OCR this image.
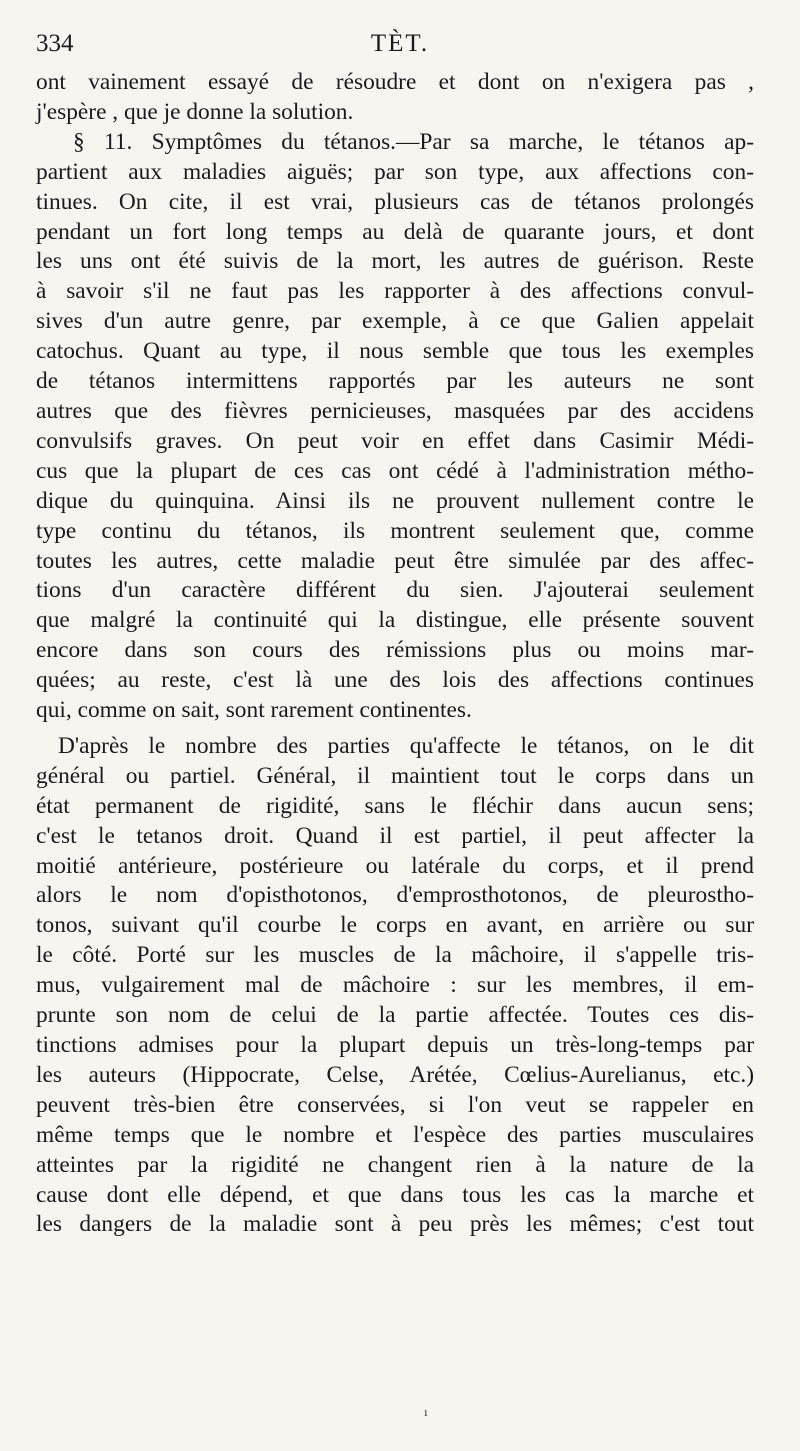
334	TÈT.
ont vainement essayé de résoudre et dont on n'exigera pas ,
j'espère , que je donne la solution.
§ 11. Symptômes du tétanos.—Par sa marche, le tétanos ap-
partient aux maladies aiguës; par son type, aux affections con-
tinues. On cite, il est vrai, plusieurs cas de tétanos prolongés
pendant un fort long temps au delà de quarante jours, et dont
les uns ont été suivis de la mort, les autres de guérison. Reste
à savoir s'il ne faut pas les rapporter à des affections convul-
sives d'un autre genre, par exemple, à ce que Galien appelait
catochus. Quant au type, il nous semble que tous les exemples
de tétanos intermittens rapportés par les auteurs ne sont
autres que des fièvres pernicieuses, masquées par des accidens
convulsifs graves. On peut voir en effet dans Casimir Médi-
cus que la plupart de ces cas ont cédé à l'administration métho-
dique du quinquina. Ainsi ils ne prouvent nullement contre le
type continu du tétanos, ils montrent seulement que, comme
toutes les autres, cette maladie peut être simulée par des affec-
tions d'un caractère différent du sien. J'ajouterai seulement
que malgré la continuité qui la distingue, elle présente souvent
encore dans son cours des rémissions plus ou moins mar-
quées; au reste, c'est là une des lois des affections continues
qui, comme on sait, sont rarement continentes.
D'après le nombre des parties qu'affecte le tétanos, on le dit
général ou partiel. Général, il maintient tout le corps dans un
état permanent de rigidité, sans le fléchir dans aucun sens;
c'est le tetanos droit. Quand il est partiel, il peut affecter la
moitié antérieure, postérieure ou latérale du corps, et il prend
alors le nom d'opisthotonos, d'emprosthotonos, de pleurostho-
tonos, suivant qu'il courbe le corps en avant, en arrière ou sur
le côté. Porté sur les muscles de la mâchoire, il s'appelle tris-
mus, vulgairement mal de mâchoire : sur les membres, il em-
prunte son nom de celui de la partie affectée. Toutes ces dis-
tinctions admises pour la plupart depuis un très-long-temps par
les auteurs (Hippocrate, Celse, Arétée, Cœlius-Aurelianus, etc.)
peuvent très-bien être conservées, si l'on veut se rappeler en
même temps que le nombre et l'espèce des parties musculaires
atteintes par la rigidité ne changent rien à la nature de la
cause dont elle dépend, et que dans tous les cas la marche et
les dangers de la maladie sont à peu près les mêmes; c'est tout
ı
